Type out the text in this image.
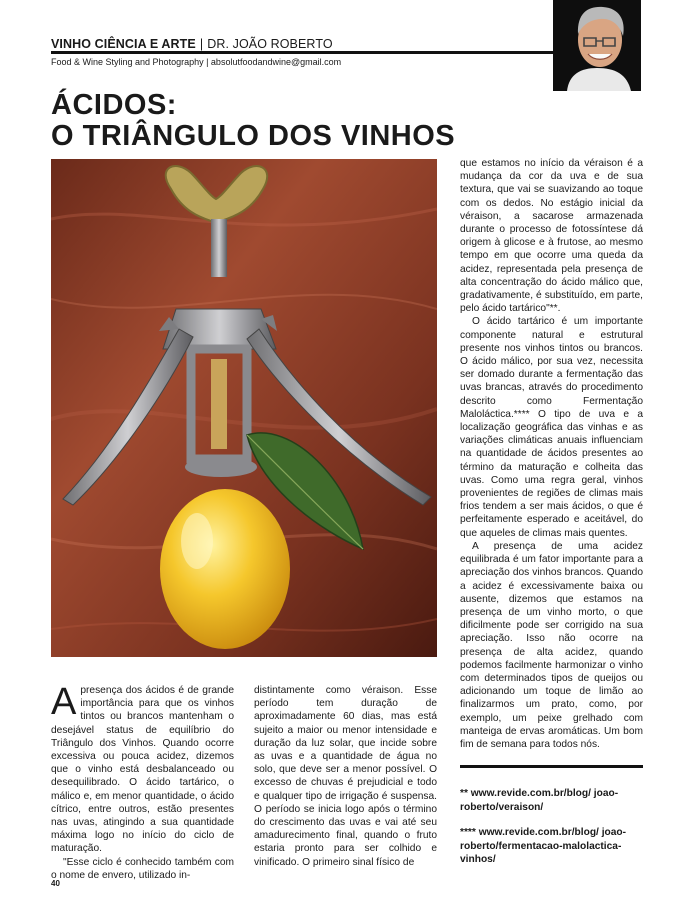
VINHO CIÊNCIA E ARTE | DR. JOÃO ROBERTO
Food & Wine Styling and Photography | absolutfoodandwine@gmail.com
ÁCIDOS:
O TRIÂNGULO DOS VINHOS

Apresença dos ácidos é de grande importância para que os vinhos tintos ou brancos mantenham o desejável status de equilíbrio do Triângulo dos Vinhos. Quando ocorre excessiva ou pouca acidez, dizemos que o vinho está desbalanceado ou desequilibrado. O ácido tartárico, o málico e, em menor quantidade, o ácido cítrico, entre outros, estão presentes nas uvas, atingindo a sua quantidade máxima logo no início do ciclo de maturação.

"Esse ciclo é conhecido também com o nome de envero, utilizado in-

distintamente como véraison. Esse período tem duração de aproximadamente 60 dias, mas está sujeito a maior ou menor intensidade e duração da luz solar, que incide sobre as uvas e a quantidade de água no solo, que deve ser a menor possível. O excesso de chuvas é prejudicial e todo e qualquer tipo de irrigação é suspensa. O período se inicia logo após o término do crescimento das uvas e vai até seu amadurecimento final, quando o fruto estaria pronto para ser colhido e vinificado. O primeiro sinal físico de

que estamos no início da véraison é a mudança da cor da uva e de sua textura, que vai se suavizando ao toque com os dedos. No estágio inicial da véraison, a sacarose armazenada durante o processo de fotossíntese dá origem à glicose e à frutose, ao mesmo tempo em que ocorre uma queda da acidez, representada pela presença de alta concentração do ácido málico que, gradativamente, é substituído, em parte, pelo ácido tartárico"**.

O ácido tartárico é um importante componente natural e estrutural presente nos vinhos tintos ou brancos. O ácido málico, por sua vez, necessita ser domado durante a fermentação das uvas brancas, através do procedimento descrito como Fermentação Maloláctica.**** O tipo de uva e a localização geográfica das vinhas e as variações climáticas anuais influenciam na quantidade de ácidos presentes ao término da maturação e colheita das uvas. Como uma regra geral, vinhos provenientes de regiões de climas mais frios tendem a ser mais ácidos, o que é perfeitamente esperado e aceitável, do que aqueles de climas mais quentes.

A presença de uma acidez equilibrada é um fator importante para a apreciação dos vinhos brancos. Quando a acidez é excessivamente baixa ou ausente, dizemos que estamos na presença de um vinho morto, o que dificilmente pode ser corrigido na sua apreciação. Isso não ocorre na presença de alta acidez, quando podemos facilmente harmonizar o vinho com determinados tipos de queijos ou adicionando um toque de limão ao finalizarmos um prato, como, por exemplo, um peixe grelhado com manteiga de ervas aromáticas. Um bom fim de semana para todos nós.

** www.revide.com.br/blog/ joao-roberto/veraison/
**** www.revide.com.br/blog/ joao-roberto/fermentacao-malolactica-vinhos/
40
